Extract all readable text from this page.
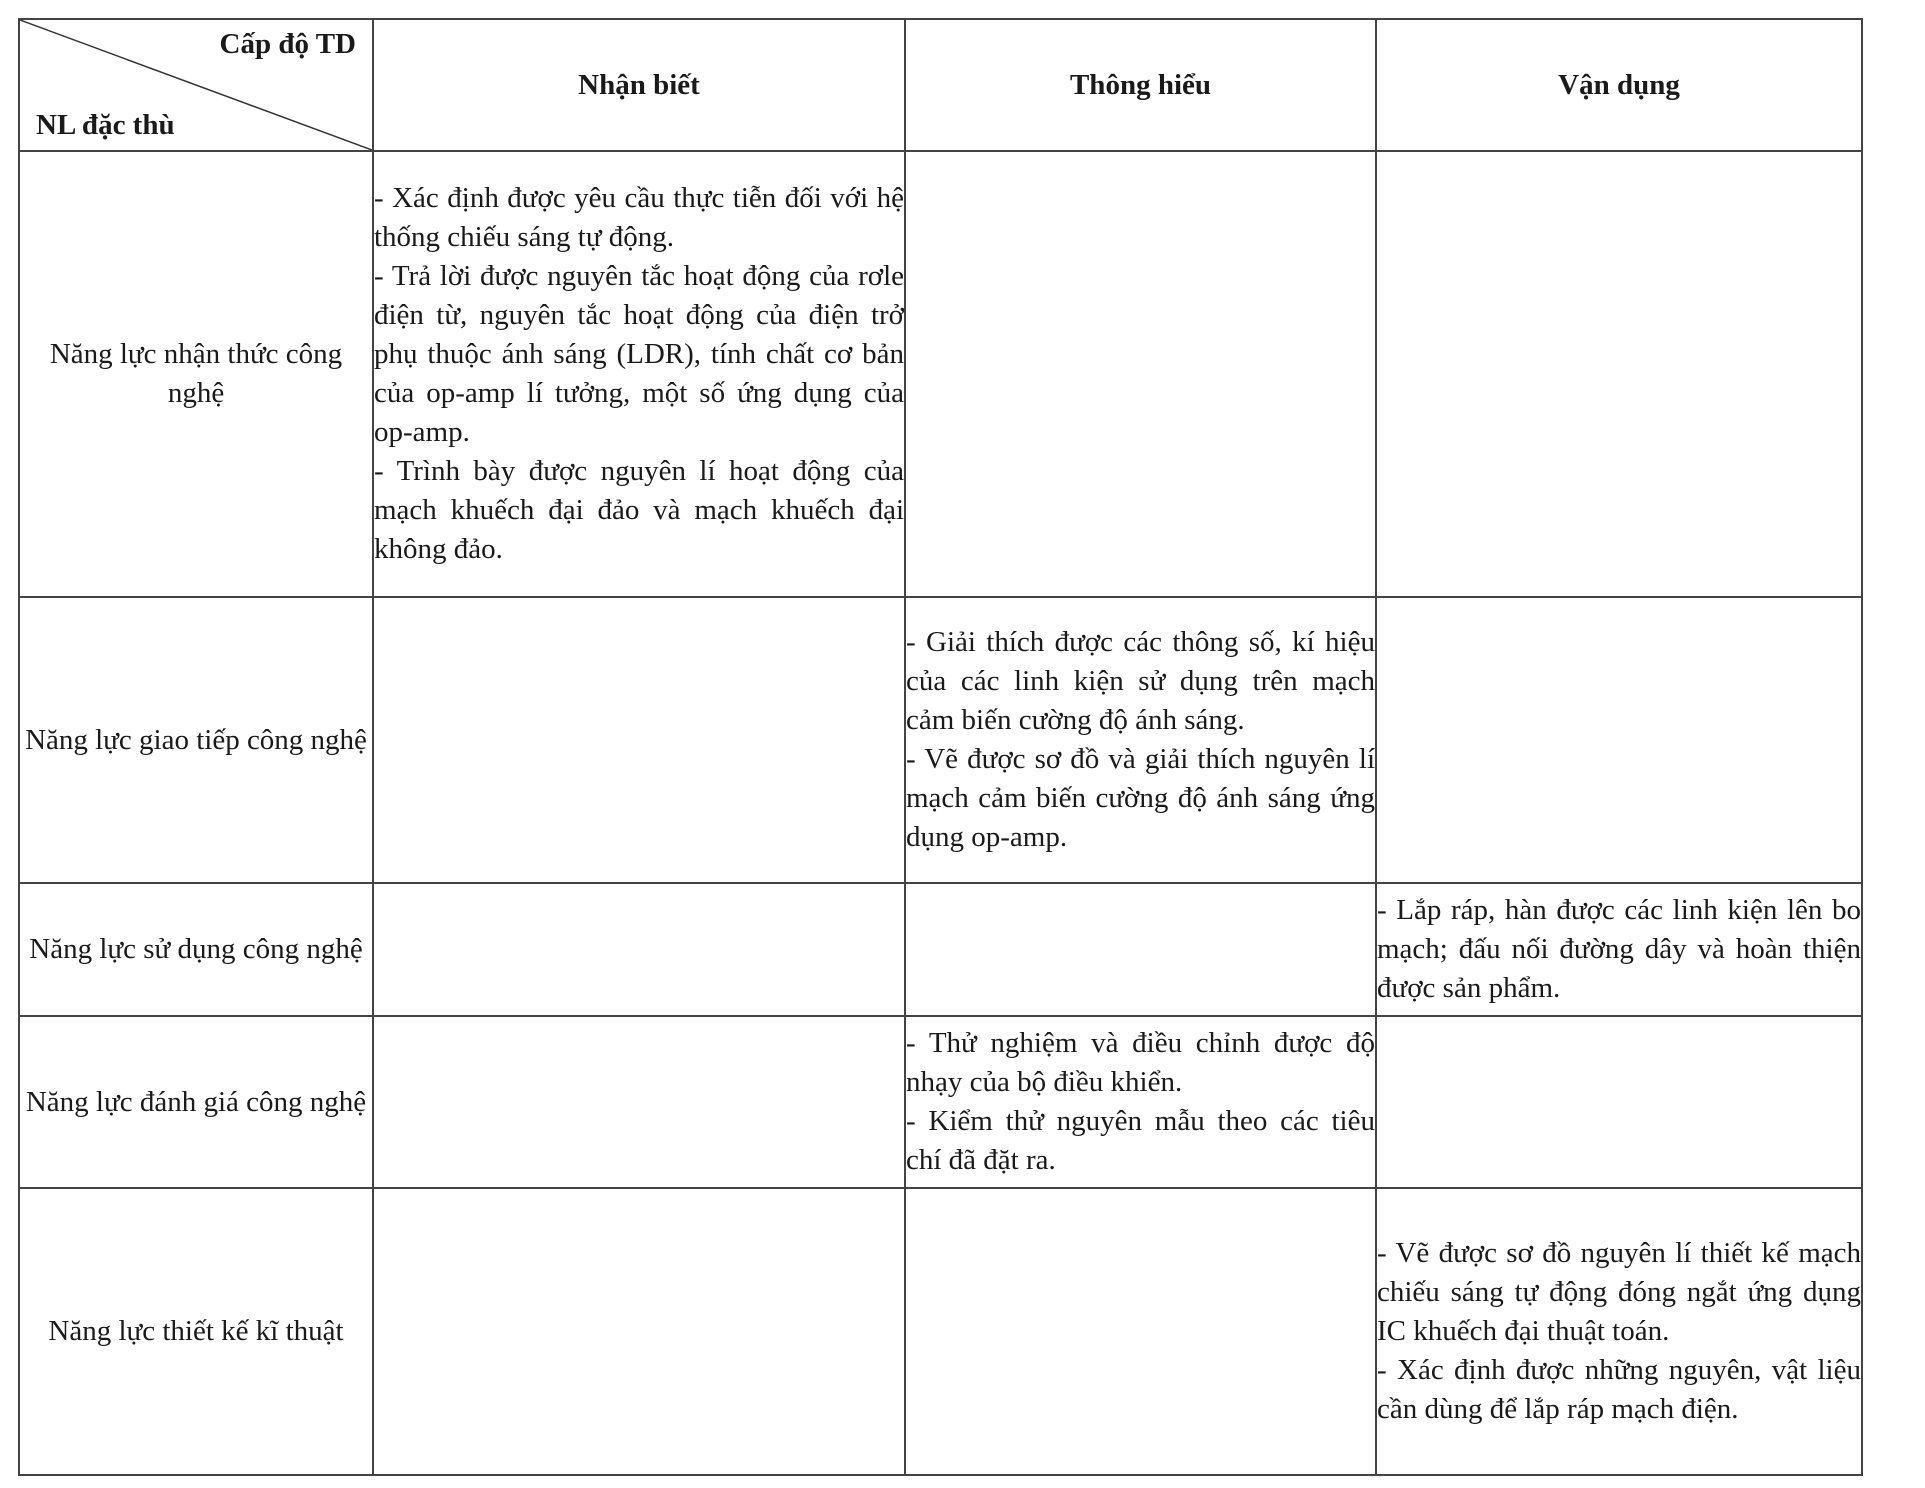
Cấp độ TD
NL đặc thù	Nhận biết	Thông hiểu	Vận dụng
Năng lực nhận thức công nghệ	- Xác định được yêu cầu thực tiễn đối với hệ thống chiếu sáng tự động.

- Trả lời được nguyên tắc hoạt động của rơle điện từ, nguyên tắc hoạt động của điện trở phụ thuộc ánh sáng (LDR), tính chất cơ bản của op-amp lí tưởng, một số ứng dụng của op-amp.

- Trình bày được nguyên lí hoạt động của mạch khuếch đại đảo và mạch khuếch đại không đảo.		

Năng lực giao tiếp công nghệ		- Giải thích được các thông số, kí hiệu của các linh kiện sử dụng trên mạch cảm biến cường độ ánh sáng.

- Vẽ được sơ đồ và giải thích nguyên lí mạch cảm biến cường độ ánh sáng ứng dụng op-amp.	

Năng lực sử dụng công nghệ			- Lắp ráp, hàn được các linh kiện lên bo mạch; đấu nối đường dây và hoàn thiện được sản phẩm.

Năng lực đánh giá công nghệ		- Thử nghiệm và điều chỉnh được độ nhạy của bộ điều khiển.

- Kiểm thử nguyên mẫu theo các tiêu chí đã đặt ra.	

Năng lực thiết kế kĩ thuật			- Vẽ được sơ đồ nguyên lí thiết kế mạch chiếu sáng tự động đóng ngắt ứng dụng IC khuếch đại thuật toán.

- Xác định được những nguyên, vật liệu cần dùng để lắp ráp mạch điện.
